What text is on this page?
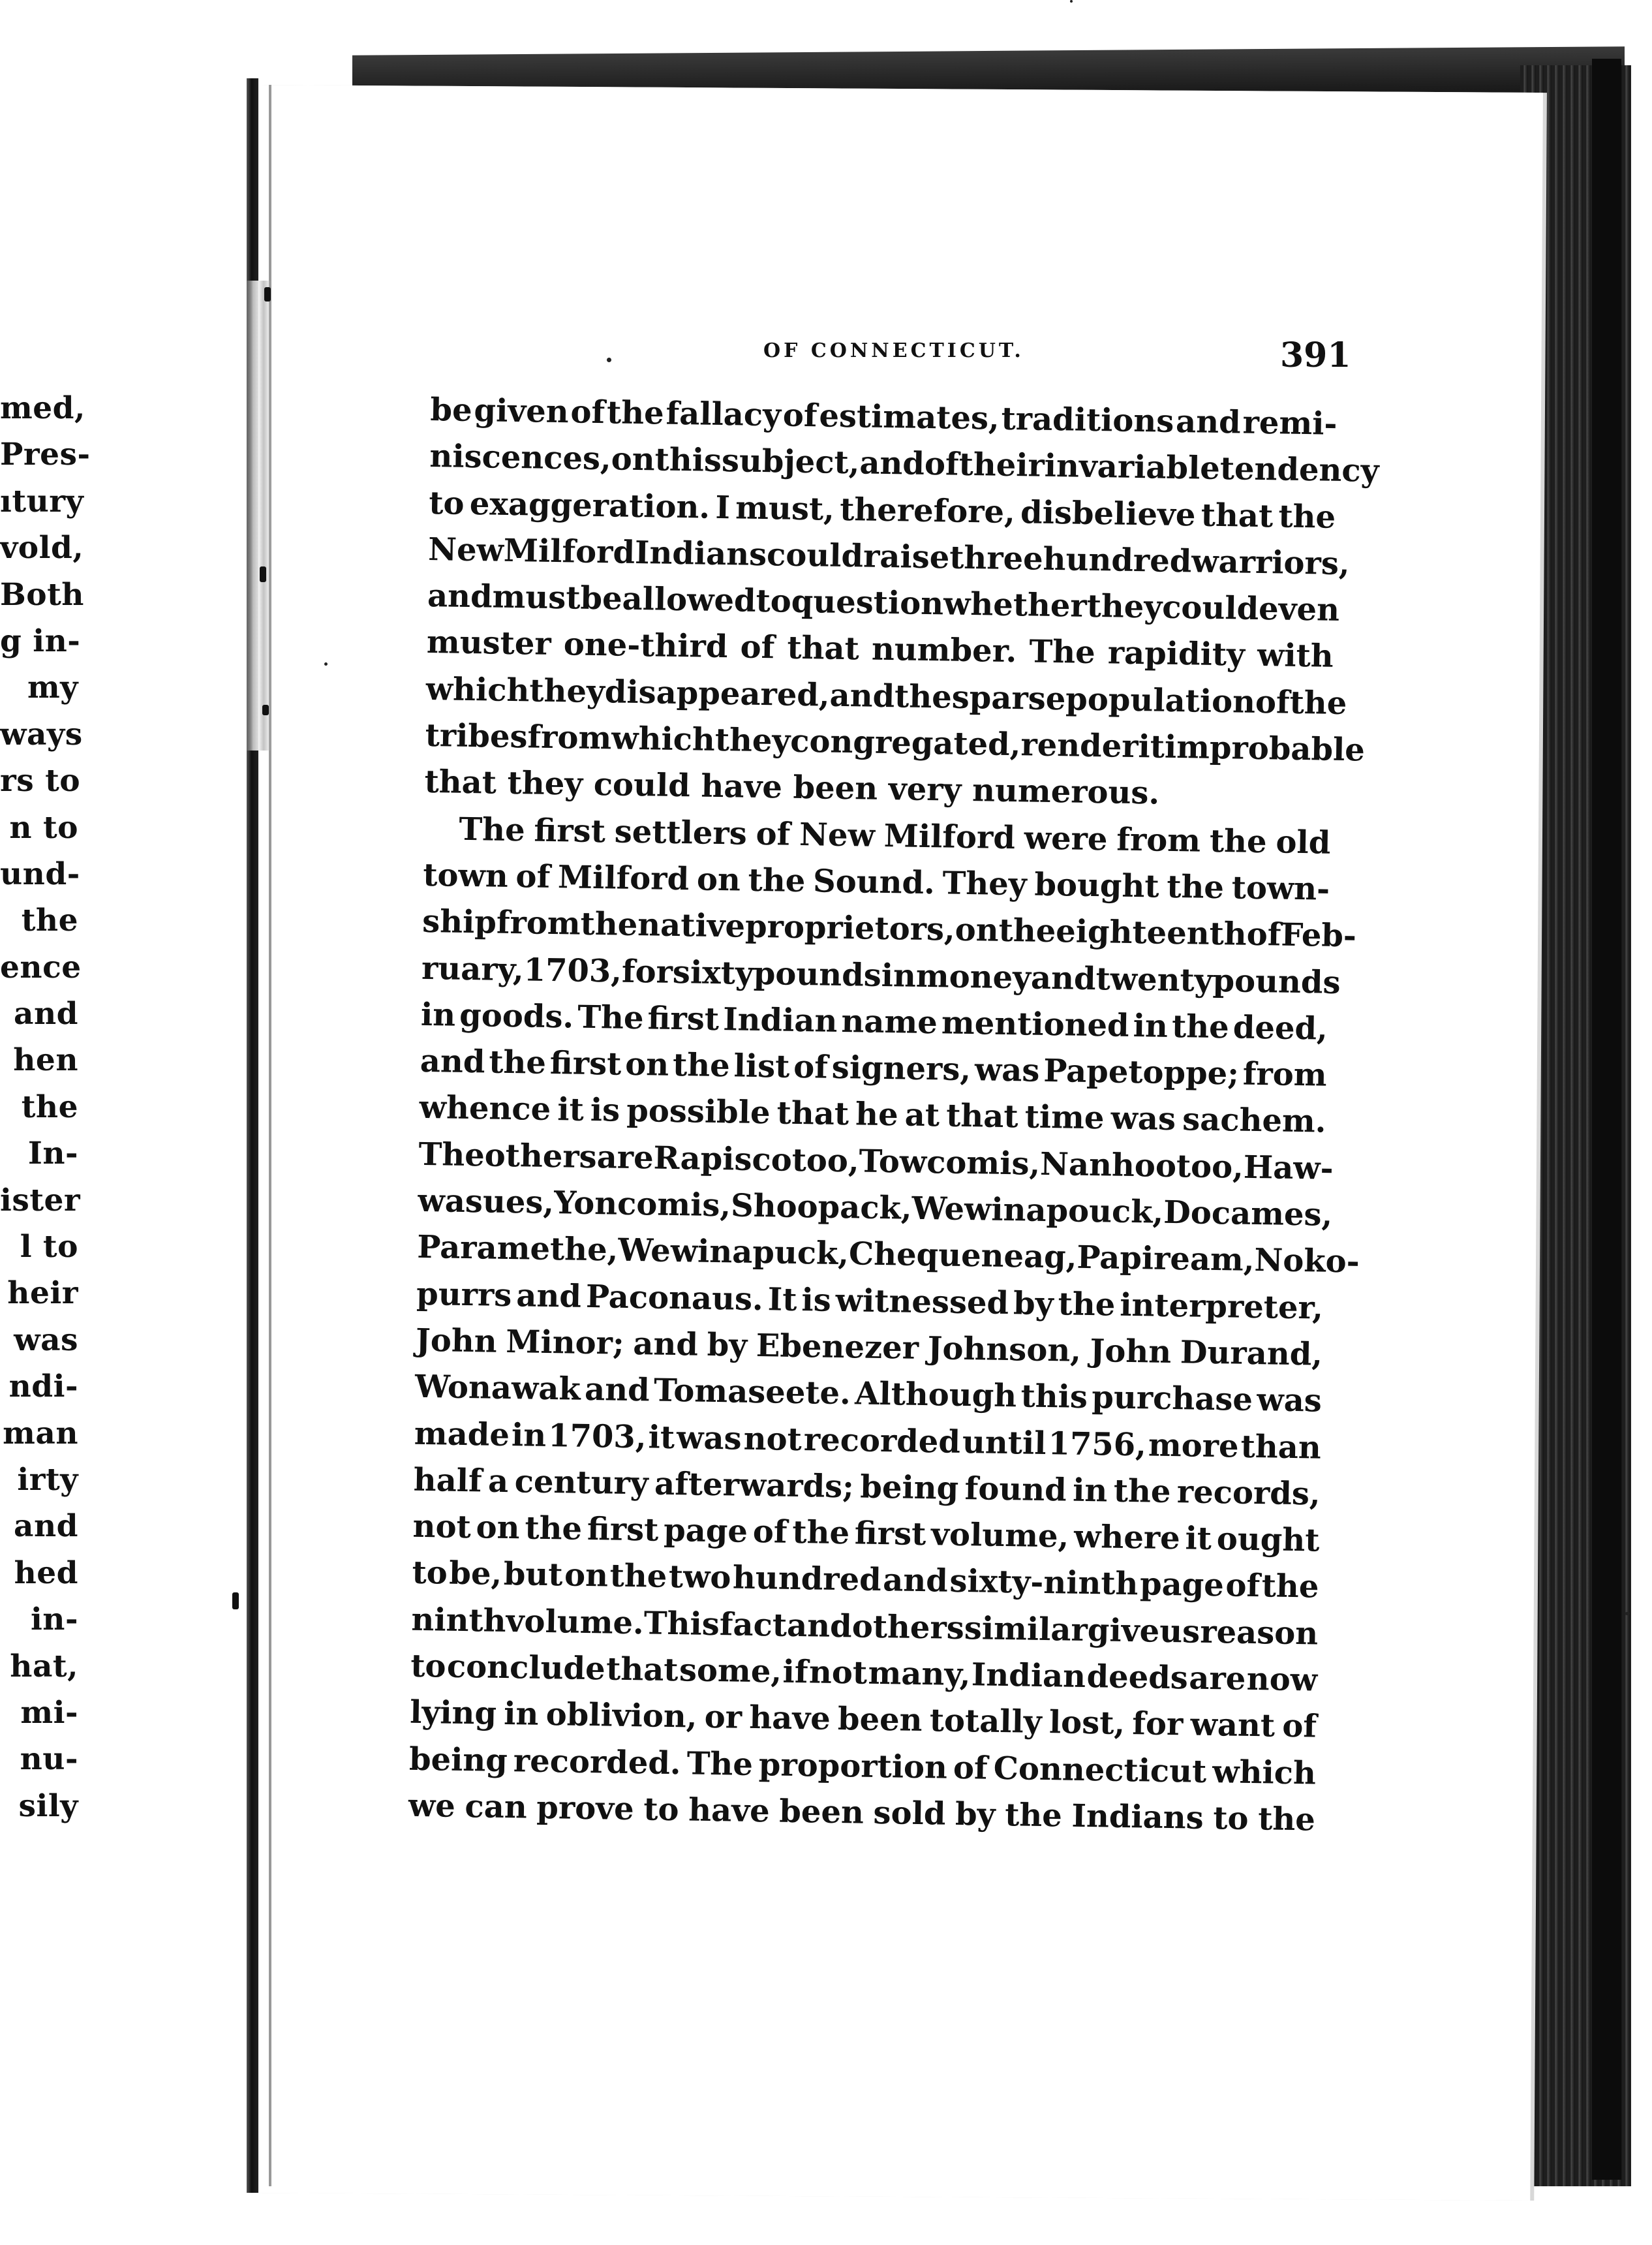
med,
Pres-
ıtury
vold,
Both
g in-
my
ways
rs to
n to
und-
the
ence
and
hen
the
In-
ister
l to
heir
was
ndi-
man
irty
and
hed
in-
hat,
mi-
nu-
sily
OF CONNECTICUT.	391
be given of the fallacy of estimates, traditions and remi-
niscences, on this subject, and of their invariable tendency
to exaggeration. I must, therefore, disbelieve that the
New Milford Indians could raise three hundred warriors,
and must be allowed to question whether they could even
muster one-third of that number. The rapidity with
which they disappeared, and the sparse population of the
tribes from which they congregated, render it improbable
that they could have been very numerous.
The first settlers of New Milford were from the old
town of Milford on the Sound. They bought the town-
ship from the native proprietors, on the eighteenth of Feb-
ruary, 1703, for sixty pounds in money and twenty pounds
in goods. The first Indian name mentioned in the deed,
and the first on the list of signers, was Papetoppe; from
whence it is possible that he at that time was sachem.
The others are Rapiscotoo, Towcomis, Nanhootoo, Haw-
wasues, Yoncomis, Shoopack, Wewinapouck, Docames,
Paramethe, Wewinapuck, Chequeneag, Papiream, Noko-
purrs and Paconaus. It is witnessed by the interpreter,
John Minor; and by Ebenezer Johnson, John Durand,
Wonawak and Tomaseete. Although this purchase was
made in 1703, it was not recorded until 1756, more than
half a century afterwards; being found in the records,
not on the first page of the first volume, where it ought
to be, but on the two hundred and sixty-ninth page of the
ninth volume. This fact and others similar give us reason
to conclude that some, if not many, Indian deeds are now
lying in oblivion, or have been totally lost, for want of
being recorded. The proportion of Connecticut which
we can prove to have been sold by the Indians to the
